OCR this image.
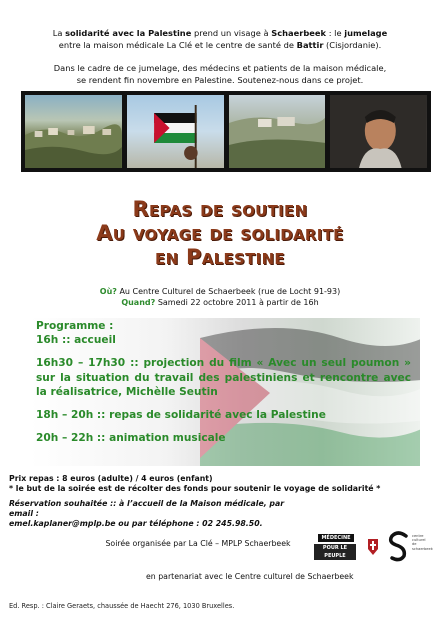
La solidarité avec la Palestine prend un visage à Schaerbeek : le jumelage
entre la maison médicale La Clé et le centre de santé de Battir (Cisjordanie).

Dans le cadre de ce jumelage, des médecins et patients de la maison médicale,
se rendent fin novembre en Palestine. Soutenez-nous dans ce projet.

Repas de soutien
Au voyage de solidarité
en Palestine
Où? Au Centre Culturel de Schaerbeek (rue de Locht 91-93)
Quand? Samedi 22 octobre 2011 à partir de 16h

Programme :

16h :: accueil

16h30 – 17h30 :: projection du film « Avec un seul poumon » sur la situation du travail des palestiniens et rencontre avec la réalisatrice, Michèlle Seutin

18h – 20h :: repas de solidarité avec la Palestine

20h – 22h :: animation musicale

Prix repas : 8 euros (adulte) / 4 euros (enfant)
* le but de la soirée est de récolter des fonds pour soutenir le voyage de solidarité *
Réservation souhaitée :: à l’accueil de la Maison médicale, par email :
emel.kaplaner@mplp.be ou par téléphone : 02 245.98.50.
Soirée organisée par La Clé – MPLP Schaerbeek
MÉDECINE
POUR LE PEUPLE
centre culturel de schaerbeek
en partenariat avec le Centre culturel de Schaerbeek
Ed. Resp. : Claire Geraets, chaussée de Haecht 276, 1030 Bruxelles.
